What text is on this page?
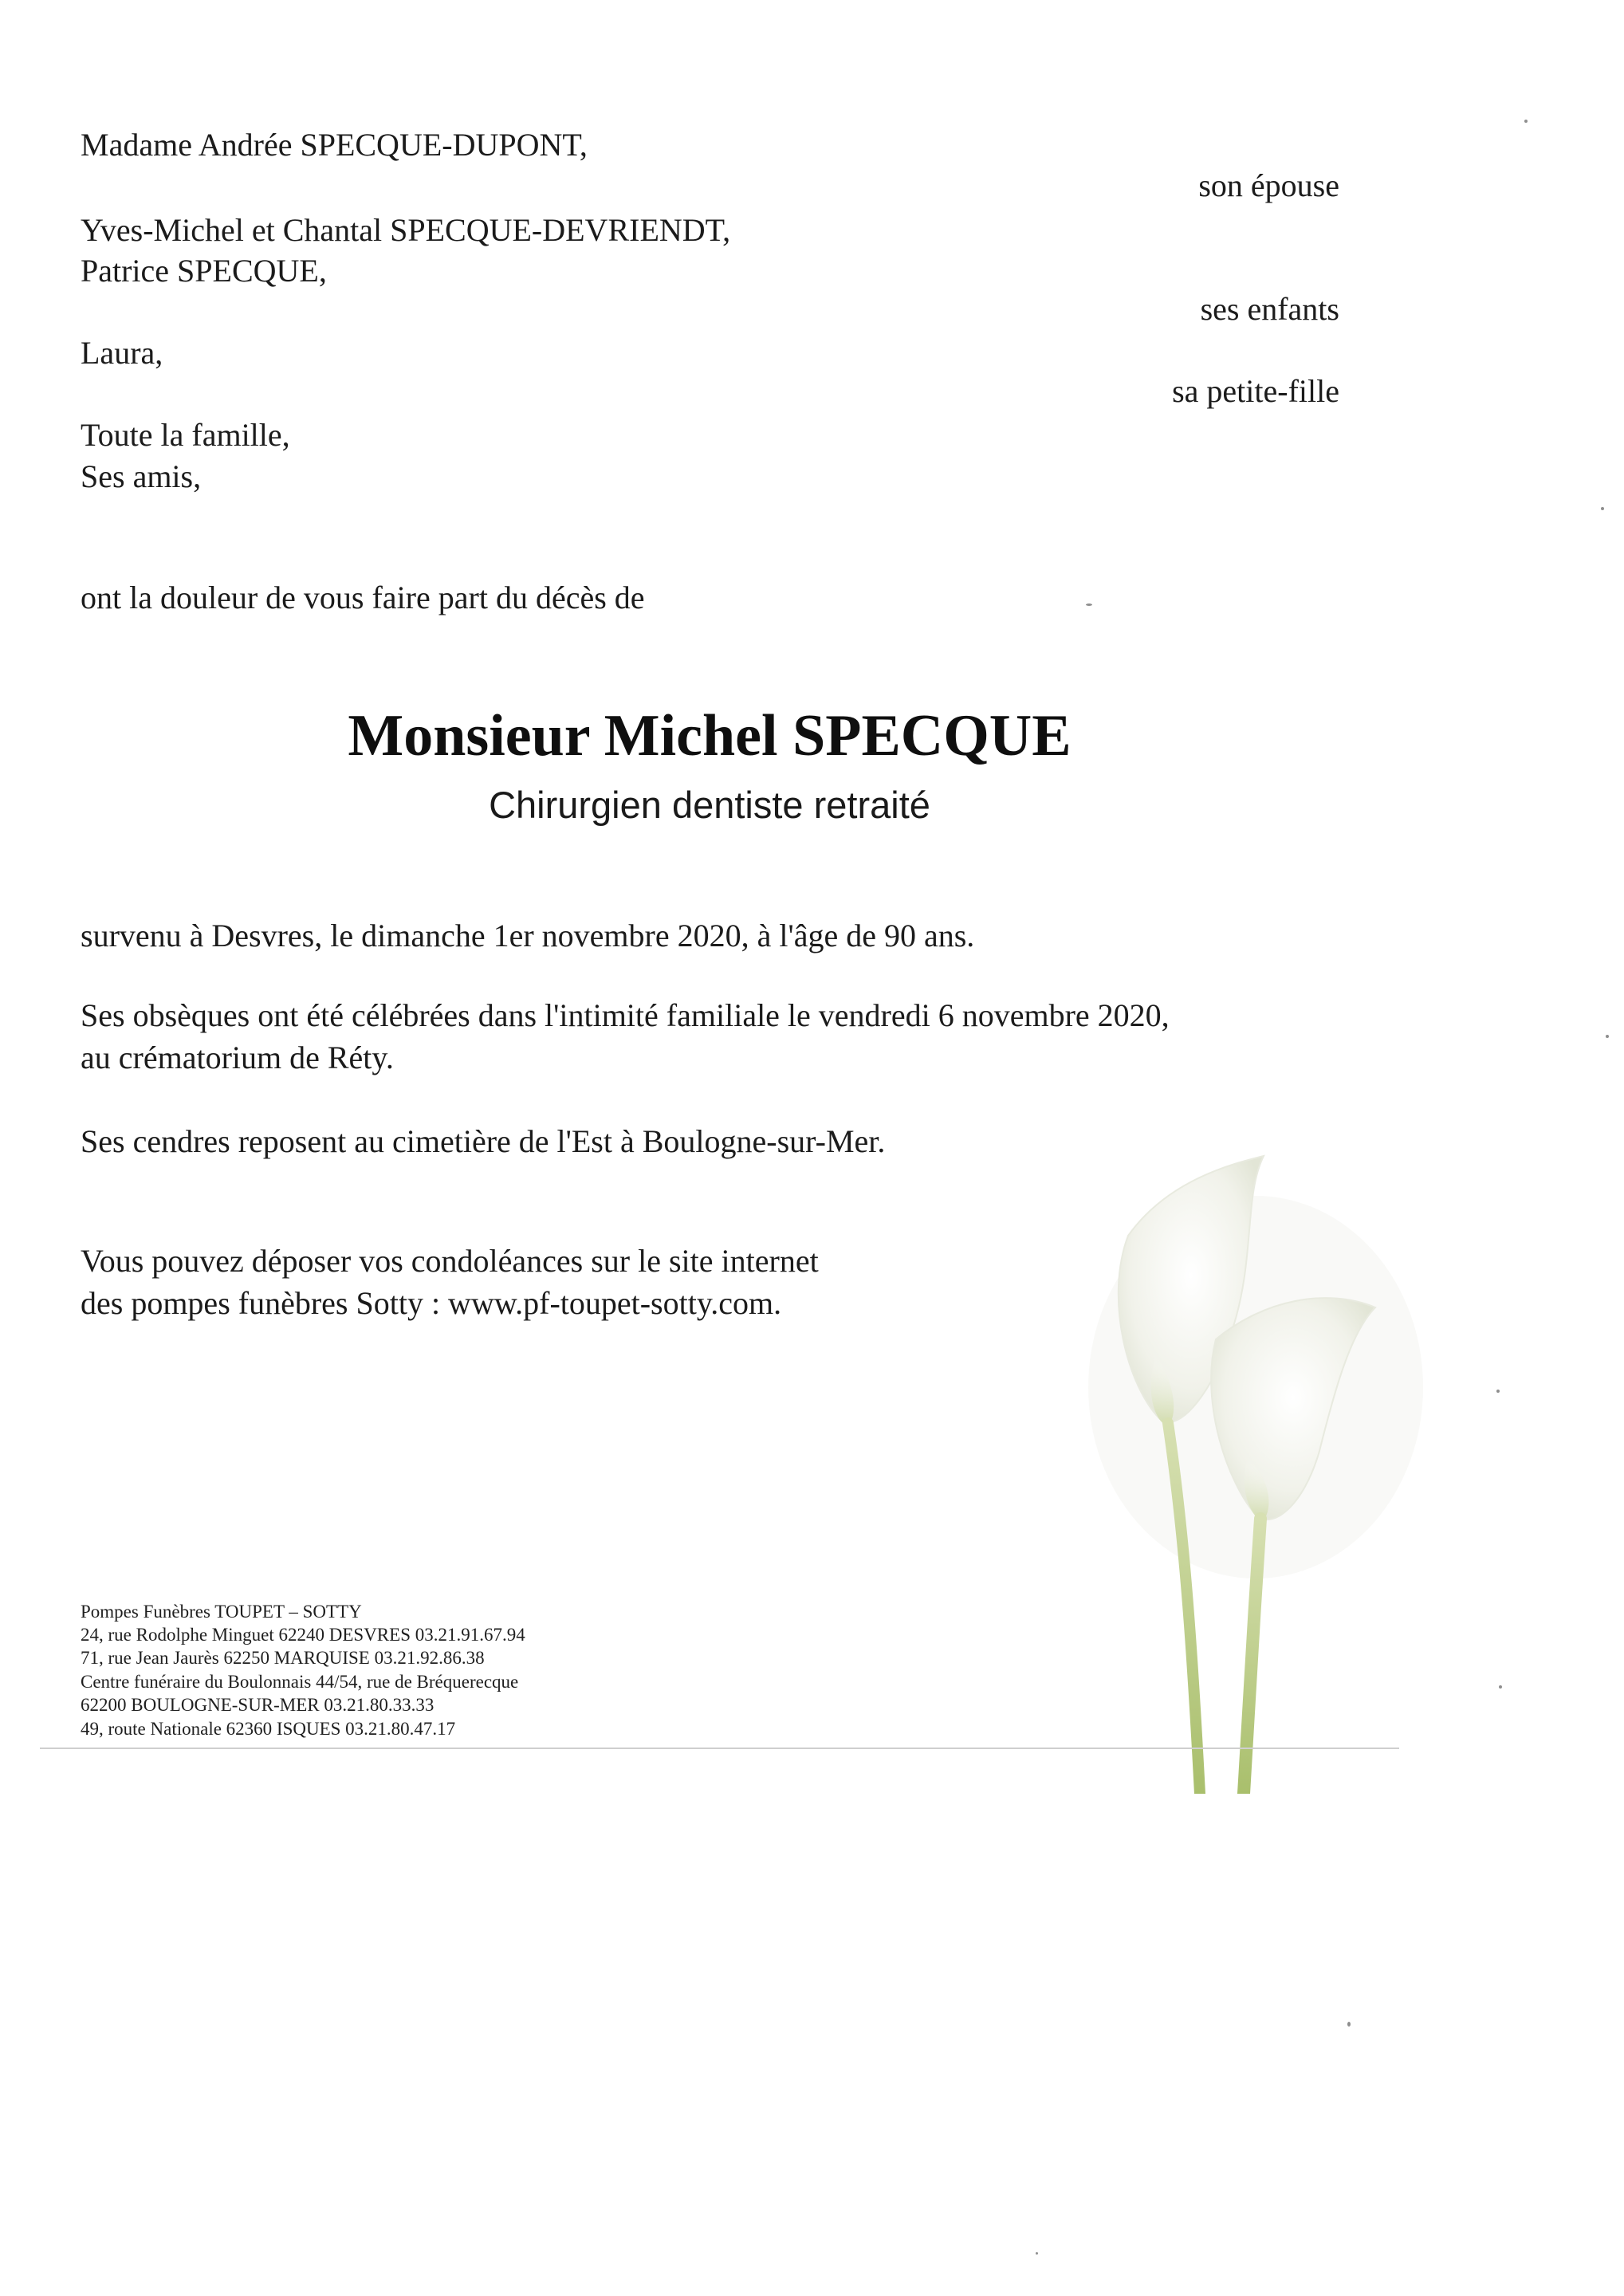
Madame Andrée SPECQUE-DUPONT,
son épouse
Yves-Michel et Chantal SPECQUE-DEVRIENDT,
Patrice SPECQUE,
ses enfants
Laura,
sa petite-fille
Toute la famille,
Ses amis,
ont la douleur de vous faire part du décès de
Monsieur Michel SPECQUE
Chirurgien dentiste retraité
survenu à Desvres, le dimanche 1er novembre 2020, à l'âge de 90 ans.
Ses obsèques ont été célébrées dans l'intimité familiale le vendredi 6 novembre 2020,
au crématorium de Réty.
Ses cendres reposent au cimetière de l'Est à Boulogne-sur-Mer.
Vous pouvez déposer vos condoléances sur le site internet
des pompes funèbres Sotty : www.pf-toupet-sotty.com.
Pompes Funèbres TOUPET – SOTTY
24, rue Rodolphe Minguet 62240 DESVRES 03.21.91.67.94
71, rue Jean Jaurès 62250 MARQUISE 03.21.92.86.38
Centre funéraire du Boulonnais 44/54, rue de Bréquerecque
62200 BOULOGNE-SUR-MER 03.21.80.33.33
49, route Nationale 62360 ISQUES 03.21.80.47.17
